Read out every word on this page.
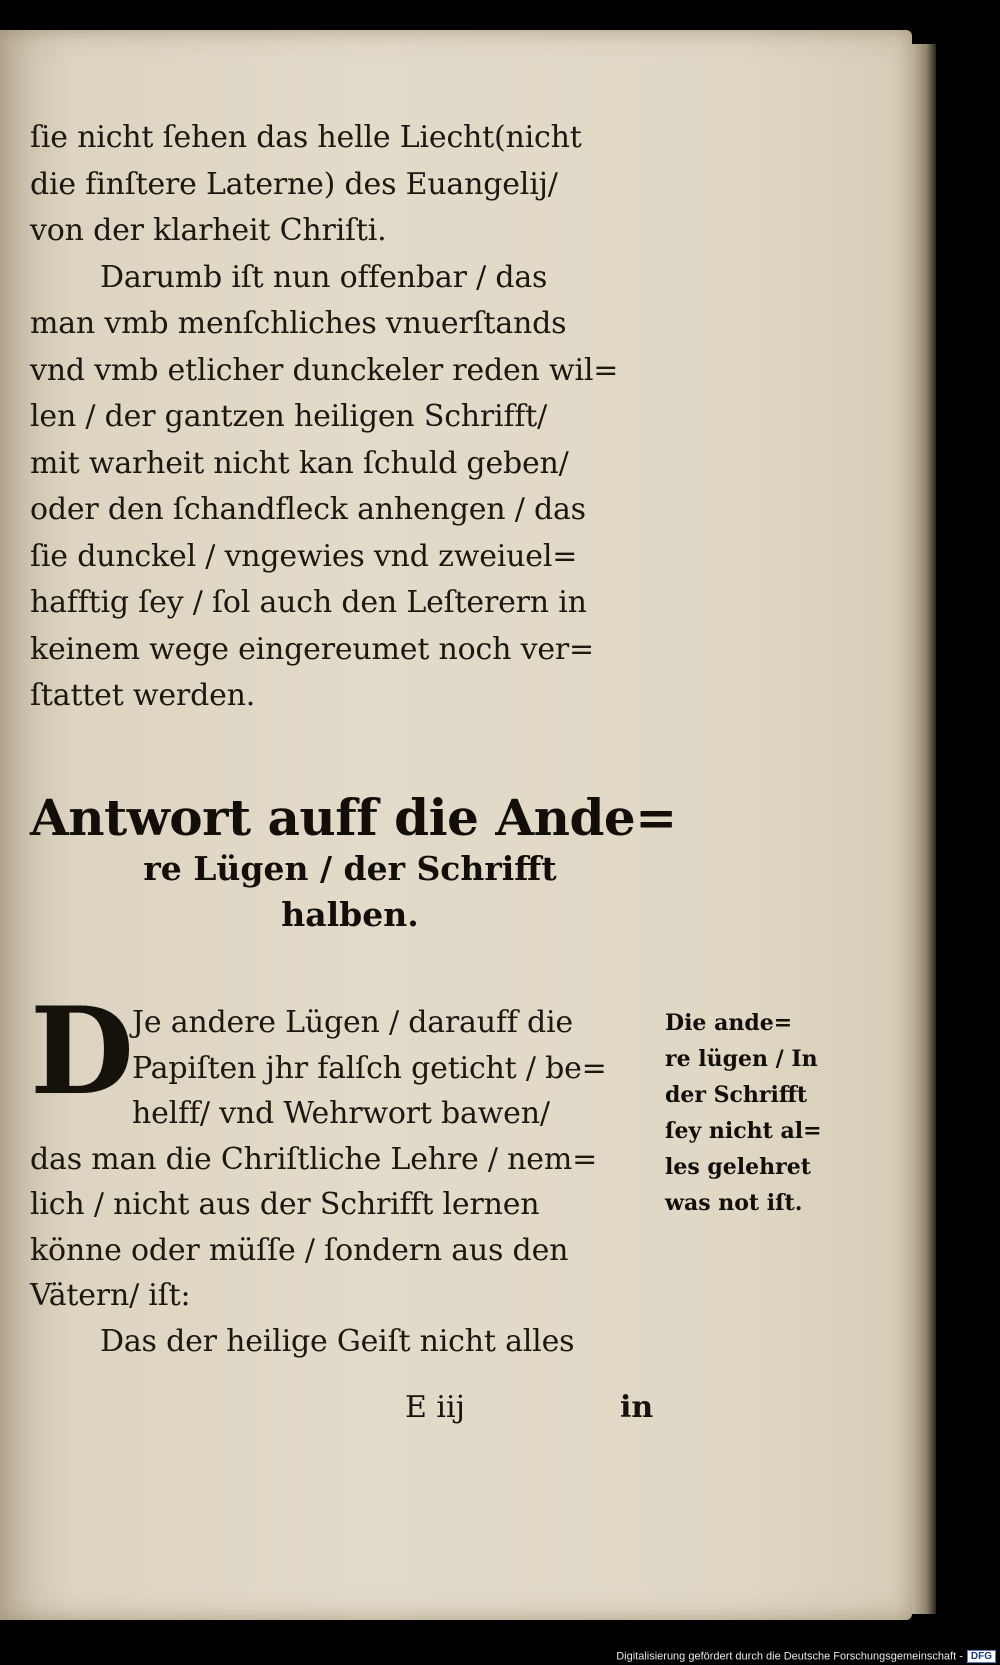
ſie nicht ſehen das helle Liecht(nicht
die finſtere Laterne) des Euangelij/
von der klarheit Chriſti.
Darumb iſt nun offenbar / das
man vmb menſchliches vnuerſtands
vnd vmb etlicher dunckeler reden wil=
len / der gantzen heiligen Schrifft/
mit warheit nicht kan ſchuld geben/
oder den ſchandfleck anhengen / das
ſie dunckel / vngewies vnd zweiuel=
hafftig ſey / ſol auch den Leſterern in
keinem wege eingereumet noch ver=
ſtattet werden.
Antwort auff die Ande=
re Lügen / der Schrifft
halben.
D
Je andere Lügen / darauff die
Papiſten jhr falſch geticht / be=
helff/ vnd Wehrwort bawen/
das man die Chriſtliche Lehre / nem=
lich / nicht aus der Schrifft lernen
könne oder müſſe / ſondern aus den
Vätern/ iſt:
Das der heilige Geiſt nicht alles
Die ande=
re lügen / In
der Schrifft
ſey nicht al=
les gelehret
was not iſt.
E iij	in
Digitalisierung gefördert durch die Deutsche Forschungsgemeinschaft - DFG
